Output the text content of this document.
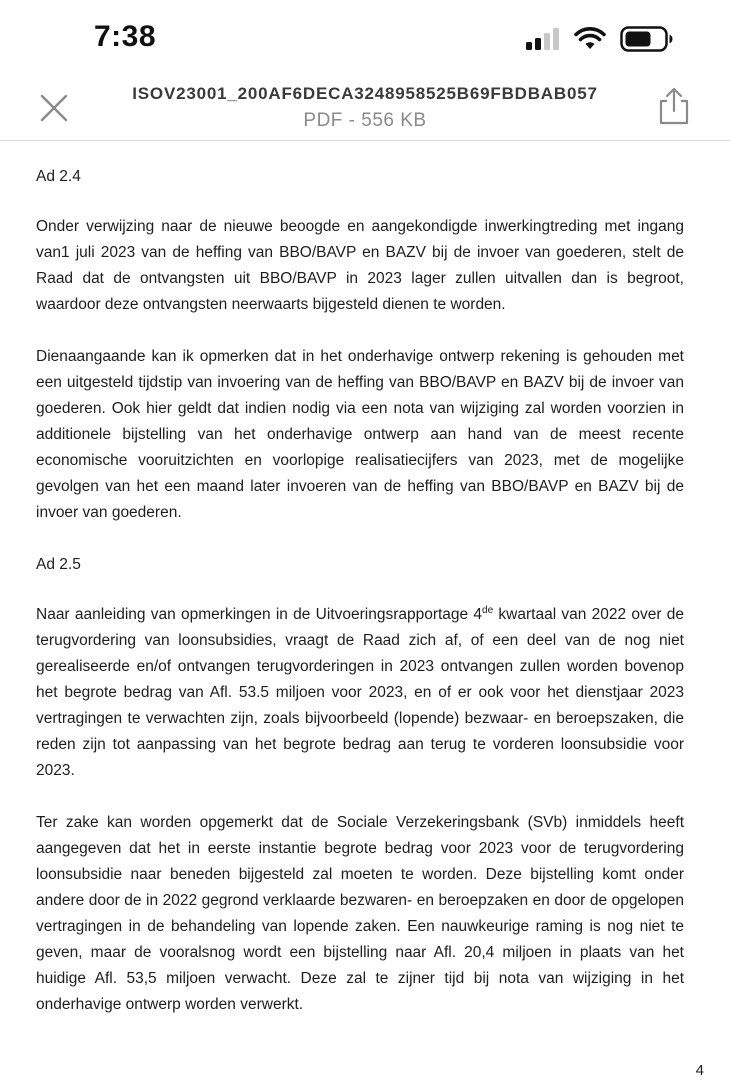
7:38
ISOV23001_200AF6DECA3248958525B69FBDBAB057
PDF - 556 KB
Ad 2.4

Onder verwijzing naar de nieuwe beoogde en aangekondigde inwerkingtreding met ingang van1 juli 2023 van de heffing van BBO/BAVP en BAZV bij de invoer van goederen, stelt de Raad dat de ontvangsten uit BBO/BAVP in 2023 lager zullen uitvallen dan is begroot, waardoor deze ontvangsten neerwaarts bijgesteld dienen te worden.

Dienaangaande kan ik opmerken dat in het onderhavige ontwerp rekening is gehouden met een uitgesteld tijdstip van invoering van de heffing van BBO/BAVP en BAZV bij de invoer van goederen. Ook hier geldt dat indien nodig via een nota van wijziging zal worden voorzien in additionele bijstelling van het onderhavige ontwerp aan hand van de meest recente economische vooruitzichten en voorlopige realisatiecijfers van 2023, met de mogelijke gevolgen van het een maand later invoeren van de heffing van BBO/BAVP en BAZV bij de invoer van goederen.

Ad 2.5

Naar aanleiding van opmerkingen in de Uitvoeringsrapportage 4de kwartaal van 2022 over de terugvordering van loonsubsidies, vraagt de Raad zich af, of een deel van de nog niet gerealiseerde en/of ontvangen terugvorderingen in 2023 ontvangen zullen worden bovenop het begrote bedrag van Afl. 53.5 miljoen voor 2023, en of er ook voor het dienstjaar 2023 vertragingen te verwachten zijn, zoals bijvoorbeeld (lopende) bezwaar- en beroepszaken, die reden zijn tot aanpassing van het begrote bedrag aan terug te vorderen loonsubsidie voor 2023.

Ter zake kan worden opgemerkt dat de Sociale Verzekeringsbank (SVb) inmiddels heeft aangegeven dat het in eerste instantie begrote bedrag voor 2023 voor de terugvordering loonsubsidie naar beneden bijgesteld zal moeten te worden. Deze bijstelling komt onder andere door de in 2022 gegrond verklaarde bezwaren- en beroepzaken en door de opgelopen vertragingen in de behandeling van lopende zaken. Een nauwkeurige raming is nog niet te geven, maar de vooralsnog wordt een bijstelling naar Afl. 20,4 miljoen in plaats van het huidige Afl. 53,5 miljoen verwacht. Deze zal te zijner tijd bij nota van wijziging in het onderhavige ontwerp worden verwerkt.

4
